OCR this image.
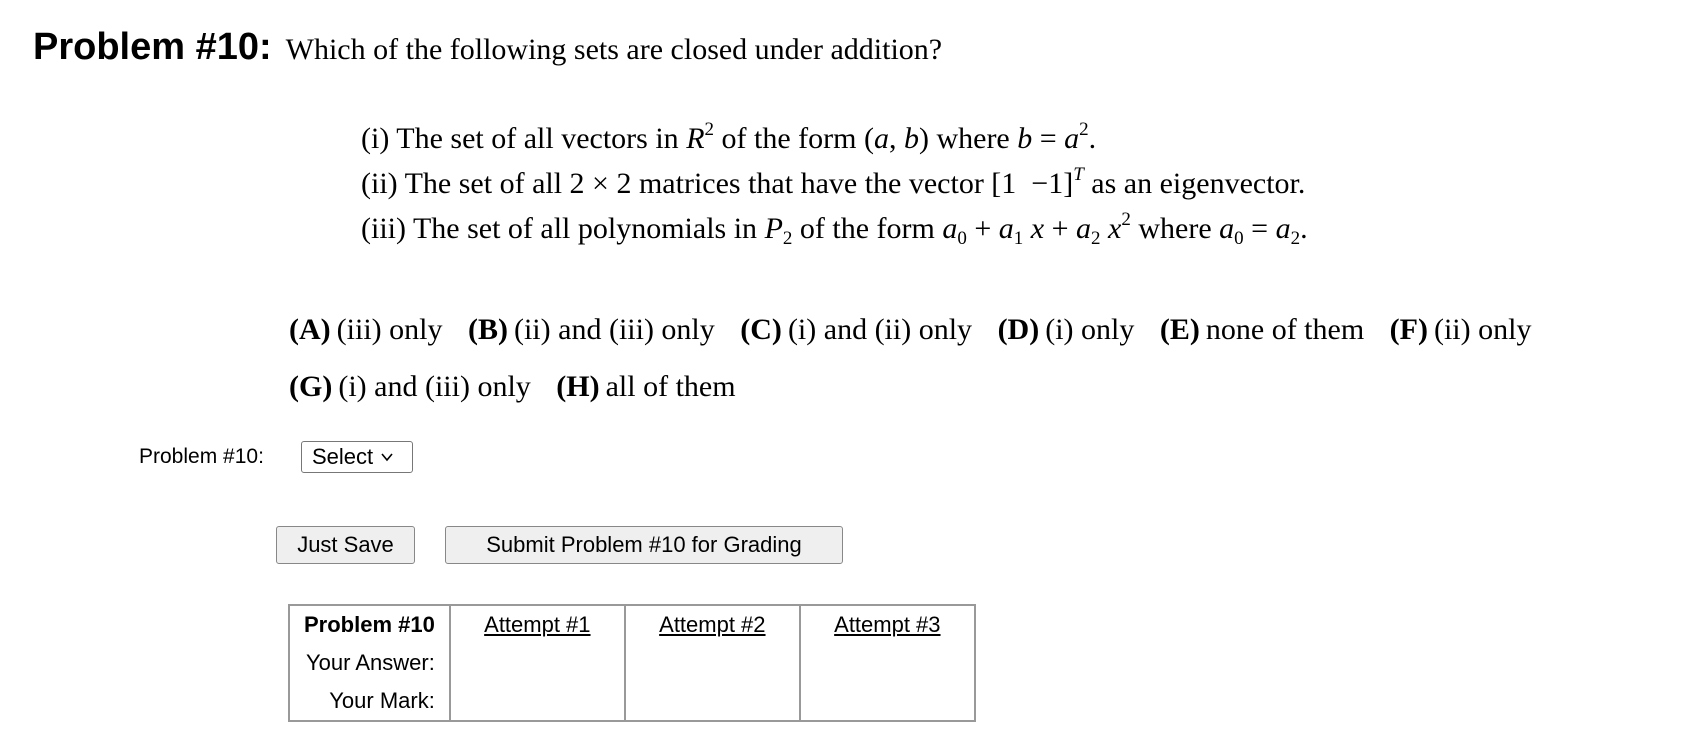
Problem #10: Which of the following sets are closed under addition?
(i) The set of all vectors in $R^2$ of the form (a, b) where $b = a^2$.
(ii) The set of all 2 × 2 matrices that have the vector $[1 -1]^T$ as an eigenvector.
(iii) The set of all polynomials in $P_2$ of the form $a_0 + a_1$ $x + a_2$ $x^2$ where $a_0 = a_2$.
(A) (iii) only (B) (ii) and (iii) only (C) (i) and (ii) only (D) (i) only (E) none of them (F) (ii) only
(G) (i) and (iii) only (H) all of them
Problem #10: Select
Just Save	Submit Problem #10 for Grading
Problem #10	Attempt #1	Attempt #2	Attempt #3
Your Answer:			
Your Mark:			
